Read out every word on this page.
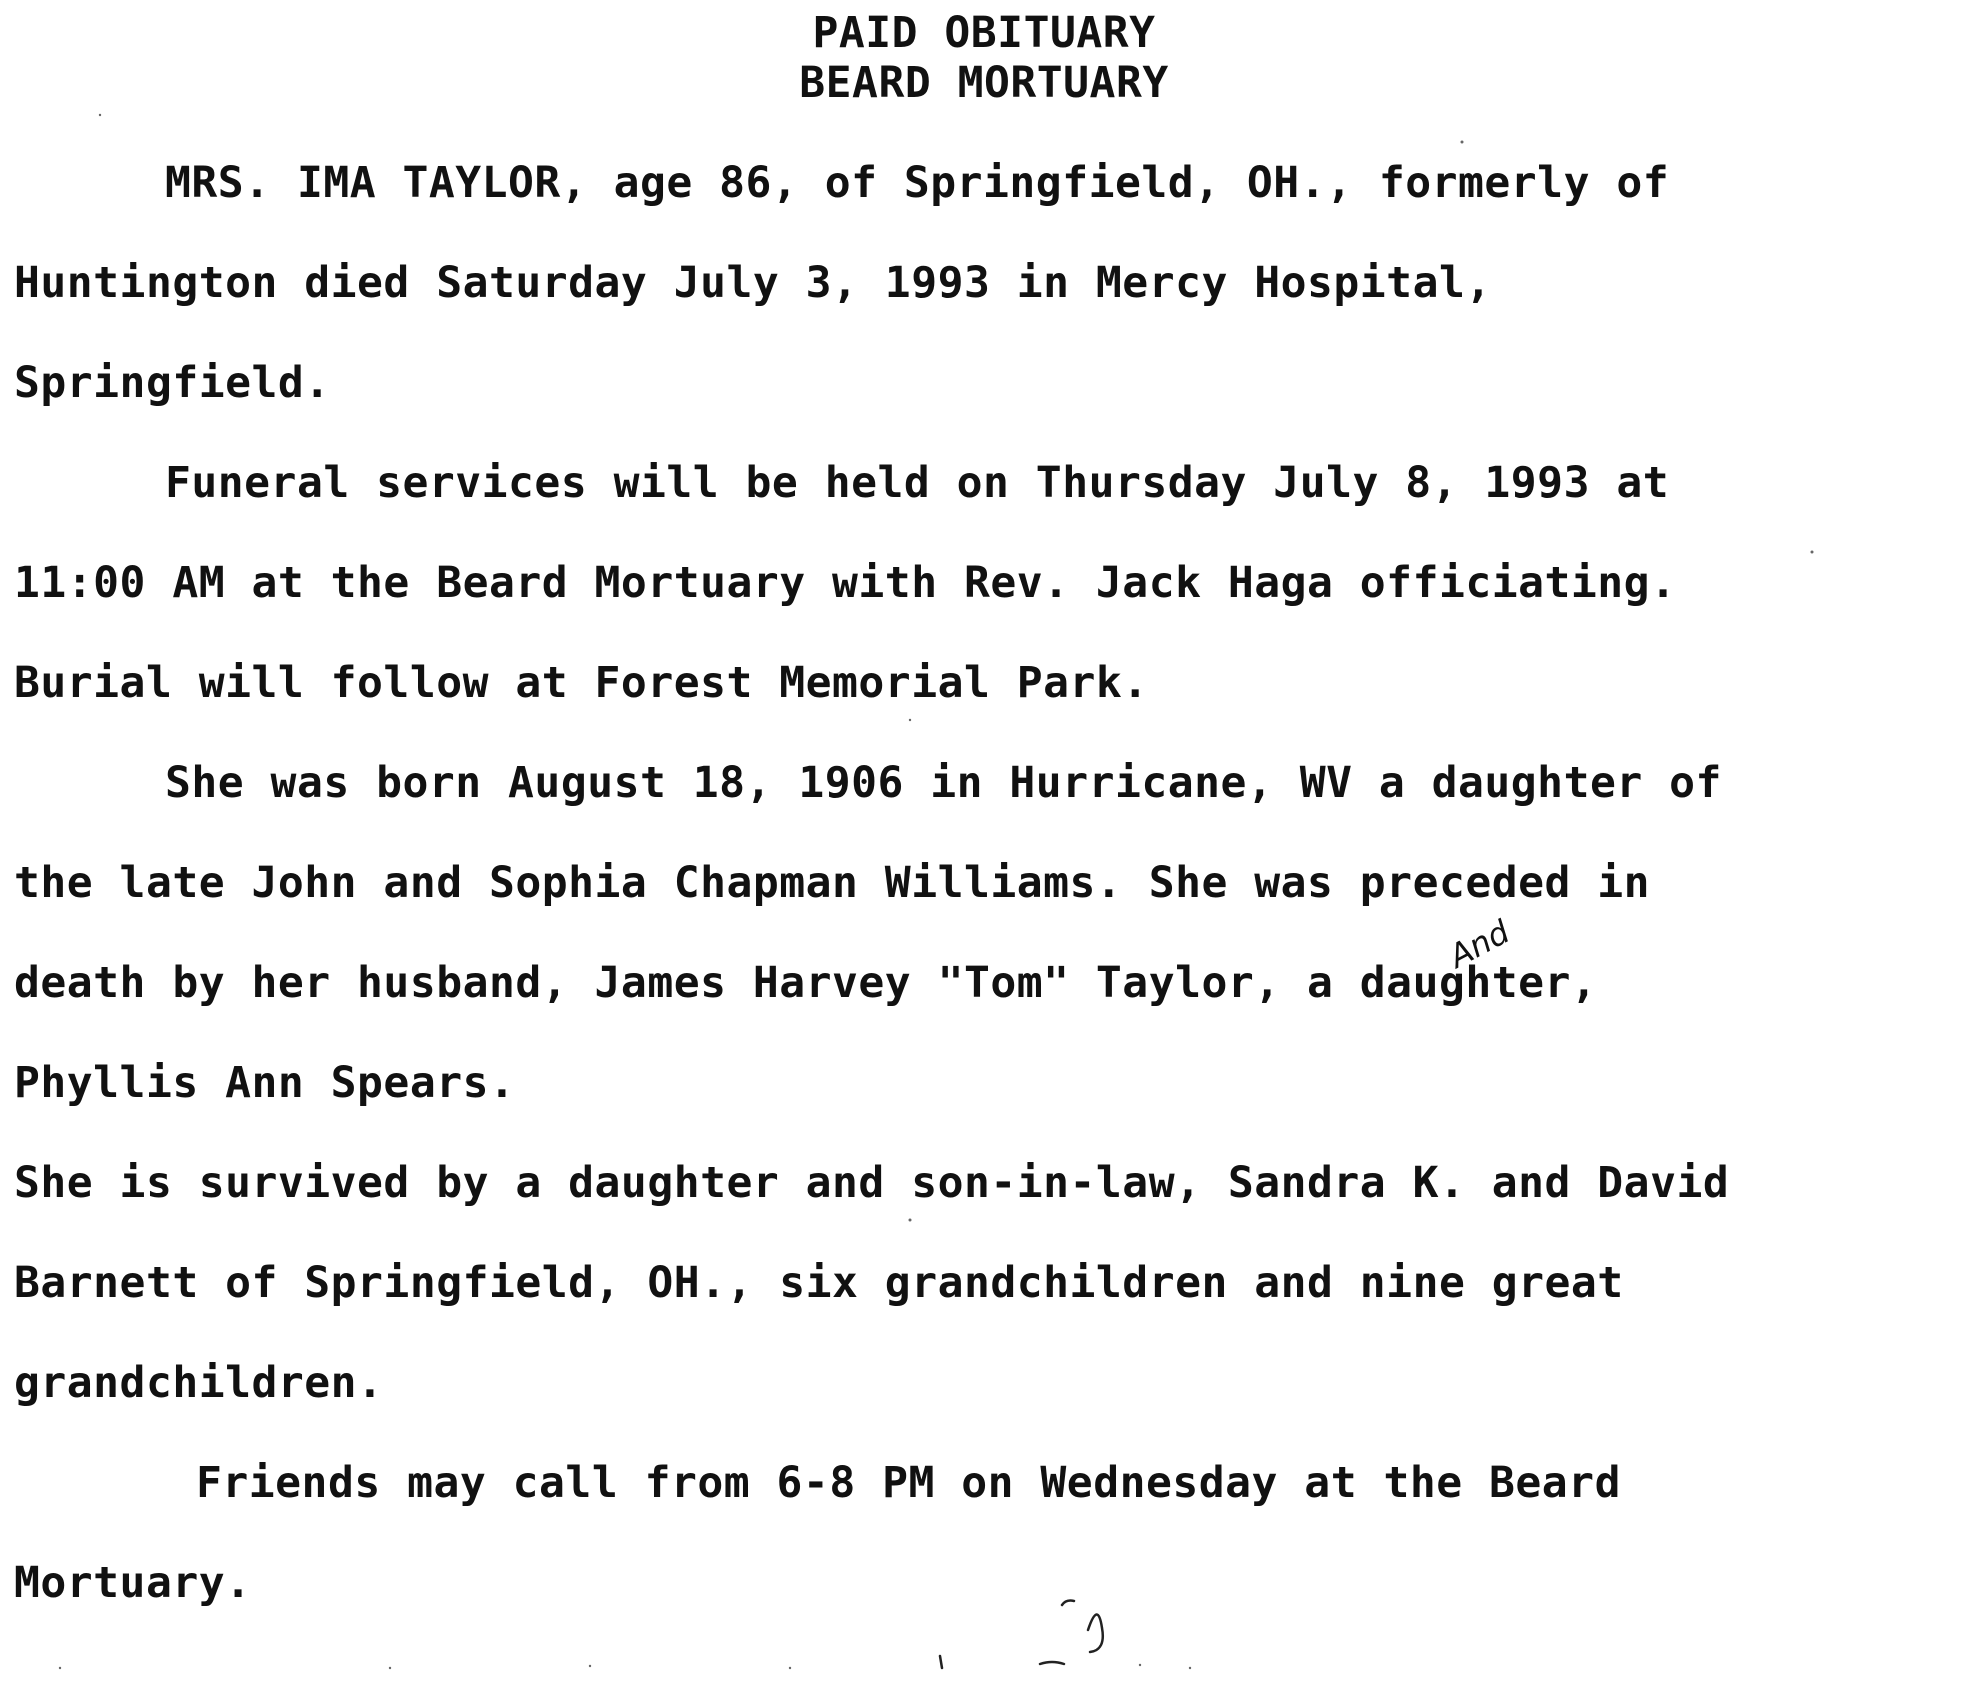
PAID OBITUARY
BEARD MORTUARY
MRS. IMA TAYLOR, age 86, of Springfield, OH., formerly of
Huntington died Saturday July 3, 1993 in Mercy Hospital,
Springfield.
Funeral services will be held on Thursday July 8, 1993 at
11:00 AM at the Beard Mortuary with Rev. Jack Haga officiating.
Burial will follow at Forest Memorial Park.
She was born August 18, 1906 in Hurricane, WV a daughter of
the late John and Sophia Chapman Williams. She was preceded in
death by her husband, James Harvey "Tom" Taylor, a daughter,
Phyllis Ann Spears.
She is survived by a daughter and son-in-law, Sandra K. and David
Barnett of Springfield, OH., six grandchildren and nine great
grandchildren.
Friends may call from 6-8 PM on Wednesday at the Beard
Mortuary.
And
